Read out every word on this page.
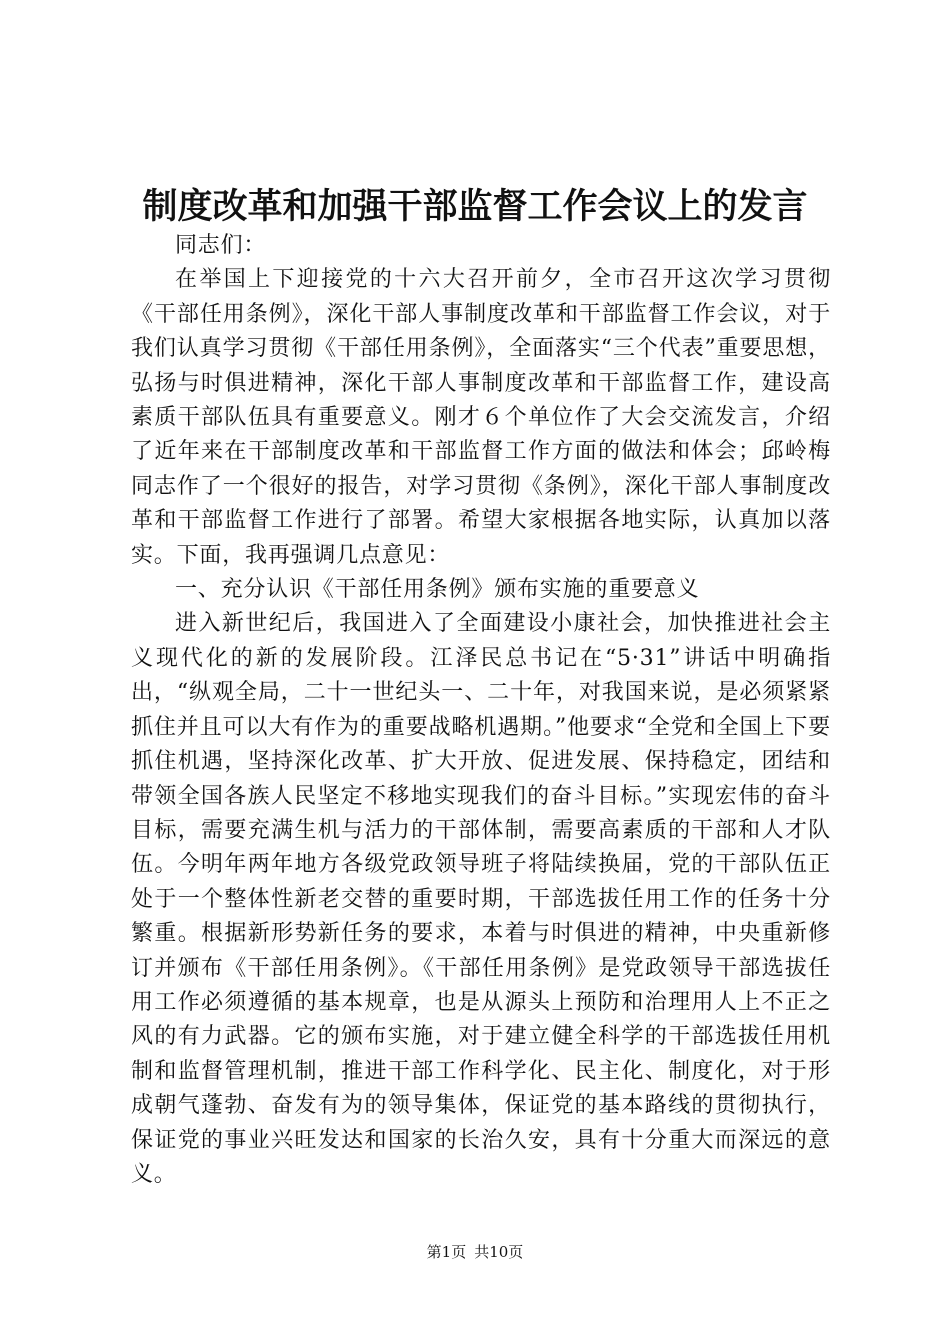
制度改革和加强干部监督工作会议上的发言

同志们：

在举国上下迎接党的十六大召开前夕，全市召开这次学习贯彻《干部任用条例》，深化干部人事制度改革和干部监督工作会议，对于我们认真学习贯彻《干部任用条例》，全面落实“三个代表”重要思想，弘扬与时俱进精神，深化干部人事制度改革和干部监督工作，建设高素质干部队伍具有重要意义。刚才６个单位作了大会交流发言，介绍了近年来在干部制度改革和干部监督工作方面的做法和体会；邱岭梅同志作了一个很好的报告，对学习贯彻《条例》，深化干部人事制度改革和干部监督工作进行了部署。希望大家根据各地实际，认真加以落实。下面，我再强调几点意见：

一、充分认识《干部任用条例》颁布实施的重要意义

进入新世纪后，我国进入了全面建设小康社会，加快推进社会主义现代化的新的发展阶段。江泽民总书记在“5·31”讲话中明确指出，“纵观全局，二十一世纪头一、二十年，对我国来说，是必须紧紧抓住并且可以大有作为的重要战略机遇期。”他要求“全党和全国上下要抓住机遇，坚持深化改革、扩大开放、促进发展、保持稳定，团结和带领全国各族人民坚定不移地实现我们的奋斗目标。”实现宏伟的奋斗目标，需要充满生机与活力的干部体制，需要高素质的干部和人才队伍。今明年两年地方各级党政领导班子将陆续换届，党的干部队伍正处于一个整体性新老交替的重要时期，干部选拔任用工作的任务十分繁重。根据新形势新任务的要求，本着与时俱进的精神，中央重新修订并颁布《干部任用条例》。《干部任用条例》是党政领导干部选拔任用工作必须遵循的基本规章，也是从源头上预防和治理用人上不正之风的有力武器。它的颁布实施，对于建立健全科学的干部选拔任用机制和监督管理机制，推进干部工作科学化、民主化、制度化，对于形成朝气蓬勃、奋发有为的领导集体，保证党的基本路线的贯彻执行，保证党的事业兴旺发达和国家的长治久安，具有十分重大而深远的意义。

第1页 共10页
